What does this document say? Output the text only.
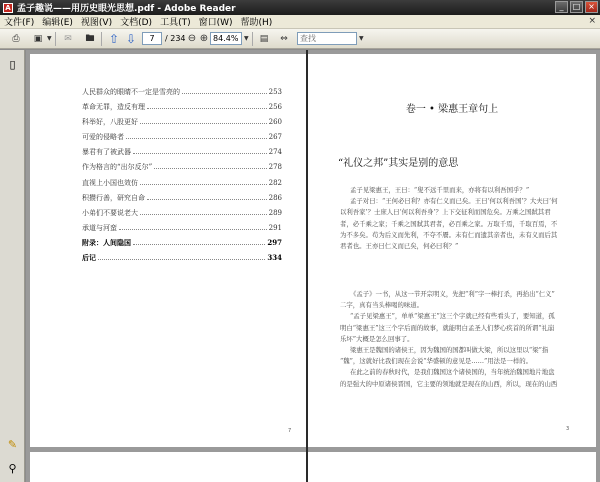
A 孟子趣说——用历史眼光思想.pdf - Adobe Reader	_	□ ×
文件(F) 编辑(E) 视图(V) 文档(D) 工具(T) 窗口(W) 帮助(H)	×
⎙	▣ ▼	✉	🖿 ⇧ ⇩	7	/ 234 ⊖ ⊕ 84.4% ▼	▤	⇔	查找	▼
▯
✎
⚲
人民群众的眼睛不一定是雪亮的	253
革命无罪，造反有理	256
科举好，八股更好	260
可爱的侵略者	267
暴君有了被武器	274
作为格言的“出尔反尔”	278
直视上小国也效仿	282
积攒行善，研究自命	286
小弟们不要说老大	289
承道与河蛮	291
附录：人间隐国	297
后记	334
7
卷一 • 梁惠王章句上
“礼仪之邦”其实是别的意思
孟子见梁惠王，王曰：“叟不远千里而来，亦将有以利吾国乎？”
孟子对曰：“王何必曰利？亦有仁义而已矣。王曰‘何以利吾国’？大夫曰‘何
以利吾家’？士庶人曰‘何以利吾身’？上下交征利而国危矣。万乘之国弑其君
者，必千乘之家；千乘之国弑其君者，必百乘之家。万取千焉，千取百焉，不
为不多矣。苟为后义而先利，不夺不餍。未有仁而遗其亲者也，未有义而后其
君者也。王亦曰仁义而已矣，何必曰利？”
《孟子》一书，从这一节开宗明义，先把“利”字一棒打杀，再抬出“仁义”
二字，真有当头棒喝的味道。
“孟子见梁惠王”，单单“梁惠王”这三个字就已经有些看头了，要知道，孤
明白“梁惠王”这三个字后面的故事，就能明白孟圣人们梦心疾首的所谓“礼崩
乐坏”大概是怎么回事了。
梁惠王是魏国的诸侯王，因为魏国的国都叫做大梁，所以这里以“梁”指
“魏”，这就好比我们现在会说“华盛顿的意见是……”用法是一样的。
在此之前的春秋时代，是我们魏国这个诸侯国的，当年统治魏国地片地盘
的是强大的中原诸侯晋国，它主要的领地就是现在的山西，所以，现在的山西
3
